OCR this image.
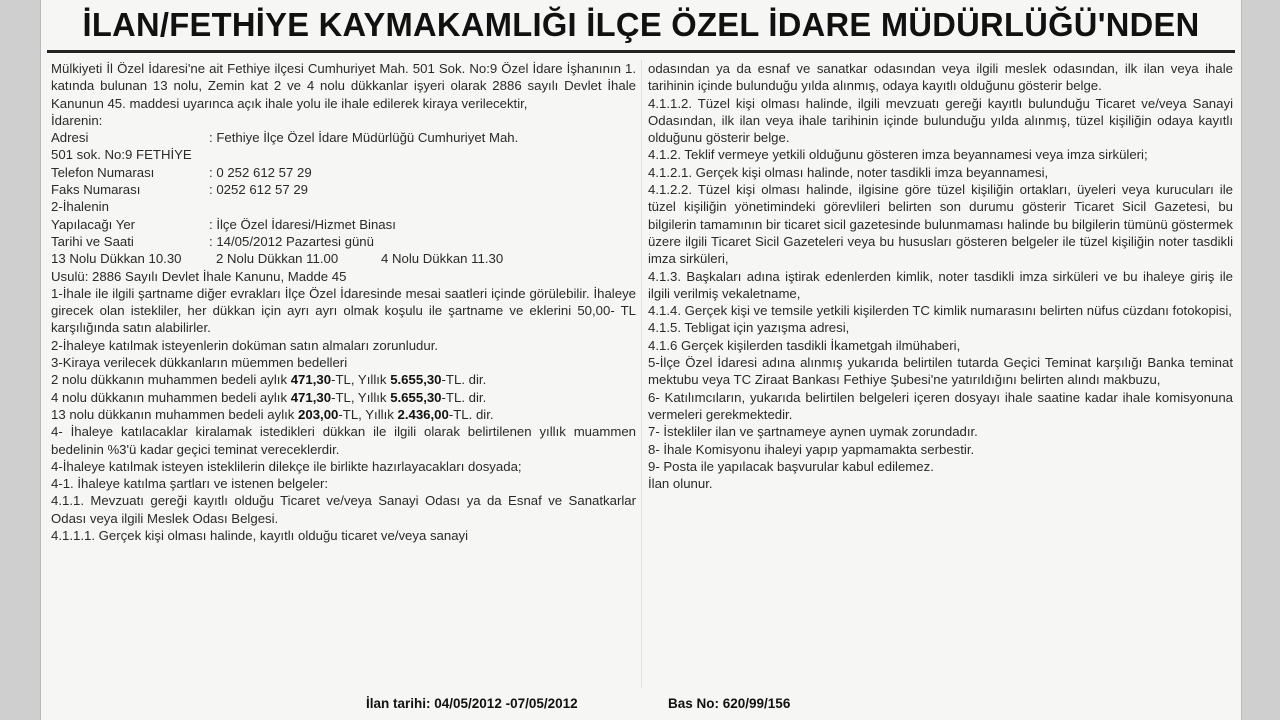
İLAN/FETHİYE KAYMAKAMLIĞI İLÇE ÖZEL İDARE MÜDÜRLÜĞÜ'NDEN

Mülkiyeti İl Özel İdaresi'ne ait Fethiye ilçesi Cumhuriyet Mah. 501 Sok. No:9 Özel İdare İşhanının 1. katında bulunan 13 nolu, Zemin kat 2 ve 4 nolu dükkanlar işyeri olarak 2886 sayılı Devlet İhale Kanunun 45. maddesi uyarınca açık ihale yolu ile ihale edilerek kiraya verilecektir,

İdarenin:

Adresi	: Fethiye İlçe Özel İdare Müdürlüğü Cumhuriyet Mah.

501 sok. No:9 FETHİYE

Telefon Numarası	: 0 252 612 57 29
Faks Numarası	: 0252 612 57 29

2-İhalenin

Yapılacağı Yer	: İlçe Özel İdaresi/Hizmet Binası
Tarihi ve Saati	: 14/05/2012 Pazartesi günü
13 Nolu Dükkan 10.30	2 Nolu Dükkan 11.00	4 Nolu Dükkan 11.30

Usulü: 2886 Sayılı Devlet İhale Kanunu, Madde 45

1-İhale ile ilgili şartname diğer evrakları İlçe Özel İdaresinde mesai saatleri içinde görülebilir. İhaleye girecek olan istekliler, her dükkan için ayrı ayrı olmak koşulu ile şartname ve eklerini 50,00- TL karşılığında satın alabilirler.

2-İhaleye katılmak isteyenlerin doküman satın almaları zorunludur.

3-Kiraya verilecek dükkanların müemmen bedelleri

2 nolu dükkanın muhammen bedeli aylık 471,30-TL, Yıllık 5.655,30-TL. dir.

4 nolu dükkanın muhammen bedeli aylık 471,30-TL, Yıllık 5.655,30-TL. dir.

13 nolu dükkanın muhammen bedeli aylık 203,00-TL, Yıllık 2.436,00-TL. dir.

4- İhaleye katılacaklar kiralamak istedikleri dükkan ile ilgili olarak belirtilenen yıllık muammen bedelinin %3'ü kadar geçici teminat vereceklerdir.

4-İhaleye katılmak isteyen isteklilerin dilekçe ile birlikte hazırlayacakları dosyada;

4-1. İhaleye katılma şartları ve istenen belgeler:

4.1.1. Mevzuatı gereği kayıtlı olduğu Ticaret ve/veya Sanayi Odası ya da Esnaf ve Sanatkarlar Odası veya ilgili Meslek Odası Belgesi.

4.1.1.1. Gerçek kişi olması halinde, kayıtlı olduğu ticaret ve/veya sanayi

odasından ya da esnaf ve sanatkar odasından veya ilgili meslek odasından, ilk ilan veya ihale tarihinin içinde bulunduğu yılda alınmış, odaya kayıtlı olduğunu gösterir belge.

4.1.1.2. Tüzel kişi olması halinde, ilgili mevzuatı gereği kayıtlı bulunduğu Ticaret ve/veya Sanayi Odasından, ilk ilan veya ihale tarihinin içinde bulunduğu yılda alınmış, tüzel kişiliğin odaya kayıtlı olduğunu gösterir belge.

4.1.2. Teklif vermeye yetkili olduğunu gösteren imza beyannamesi veya imza sirküleri;

4.1.2.1. Gerçek kişi olması halinde, noter tasdikli imza beyannamesi,

4.1.2.2. Tüzel kişi olması halinde, ilgisine göre tüzel kişiliğin ortakları, üyeleri veya kurucuları ile tüzel kişiliğin yönetimindeki görevlileri belirten son durumu gösterir Ticaret Sicil Gazetesi, bu bilgilerin tamamının bir ticaret sicil gazetesinde bulunmaması halinde bu bilgilerin tümünü göstermek üzere ilgili Ticaret Sicil Gazeteleri veya bu hususları gösteren belgeler ile tüzel kişiliğin noter tasdikli imza sirküleri,

4.1.3. Başkaları adına iştirak edenlerden kimlik, noter tasdikli imza sirküleri ve bu ihaleye giriş ile ilgili verilmiş vekaletname,

4.1.4. Gerçek kişi ve temsile yetkili kişilerden TC kimlik numarasını belirten nüfus cüzdanı fotokopisi,

4.1.5. Tebligat için yazışma adresi,

4.1.6 Gerçek kişilerden tasdikli İkametgah ilmühaberi,

5-İlçe Özel İdaresi adına alınmış yukarıda belirtilen tutarda Geçici Teminat karşılığı Banka teminat mektubu veya TC Ziraat Bankası Fethiye Şubesi'ne yatırıldığını belirten alındı makbuzu,

6- Katılımcıların, yukarıda belirtilen belgeleri içeren dosyayı ihale saatine kadar ihale komisyonuna vermeleri gerekmektedir.

7- İstekliler ilan ve şartnameye aynen uymak zorundadır.

8- İhale Komisyonu ihaleyi yapıp yapmamakta serbestir.

9- Posta ile yapılacak başvurular kabul edilemez.

İlan olunur.

İlan tarihi: 04/05/2012 -07/05/2012	Bas No: 620/99/156
